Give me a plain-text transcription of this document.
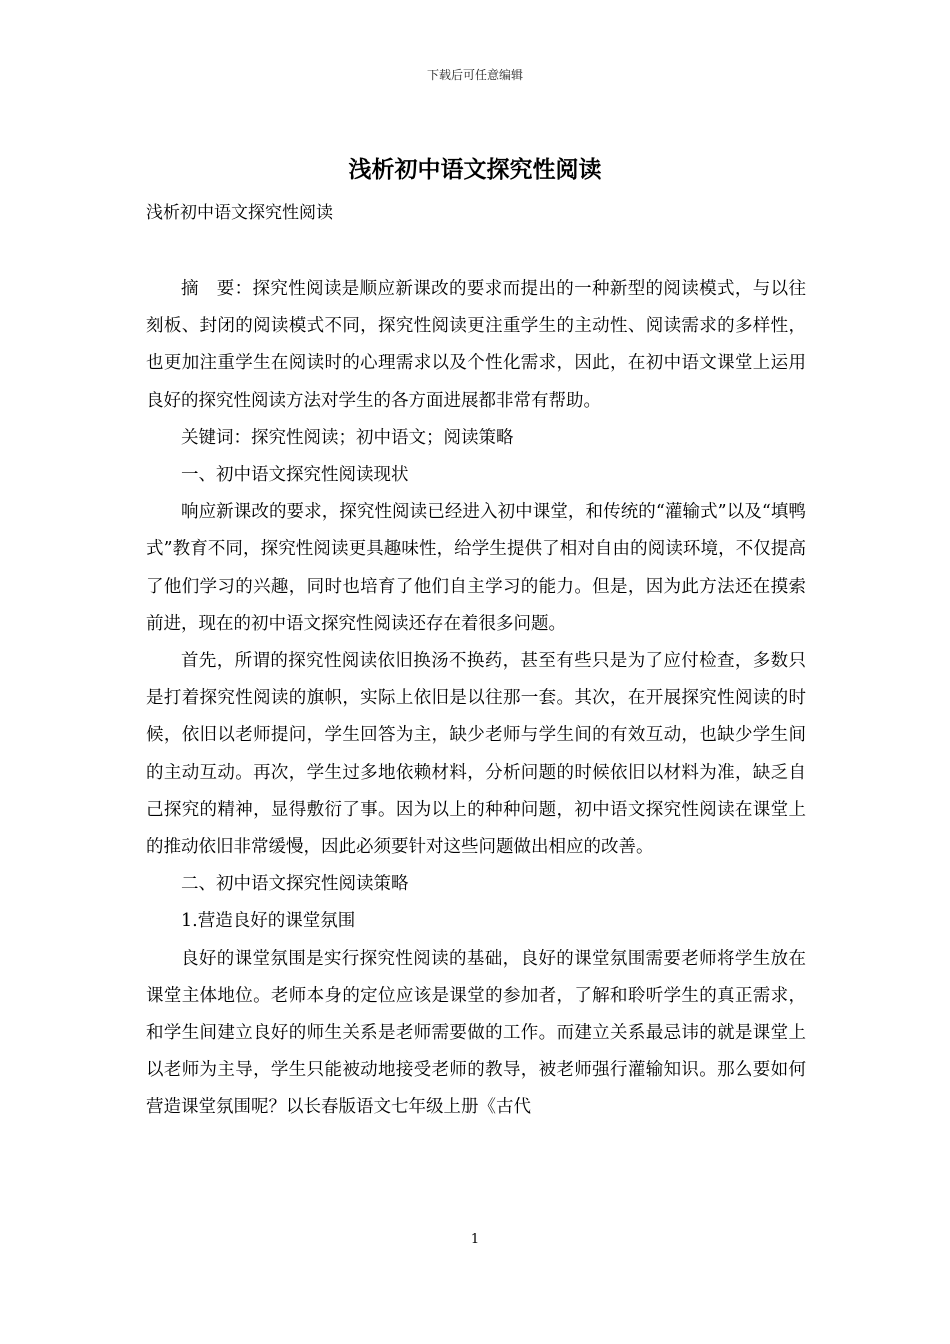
下载后可任意编辑
浅析初中语文探究性阅读
浅析初中语文探究性阅读

摘　要：探究性阅读是顺应新课改的要求而提出的一种新型的阅读模式，与以往刻板、封闭的阅读模式不同，探究性阅读更注重学生的主动性、阅读需求的多样性，也更加注重学生在阅读时的心理需求以及个性化需求，因此，在初中语文课堂上运用良好的探究性阅读方法对学生的各方面进展都非常有帮助。

关键词：探究性阅读；初中语文；阅读策略

一、初中语文探究性阅读现状

响应新课改的要求，探究性阅读已经进入初中课堂，和传统的“灌输式”以及“填鸭式”教育不同，探究性阅读更具趣味性，给学生提供了相对自由的阅读环境，不仅提高了他们学习的兴趣，同时也培育了他们自主学习的能力。但是，因为此方法还在摸索前进，现在的初中语文探究性阅读还存在着很多问题。

首先，所谓的探究性阅读依旧换汤不换药，甚至有些只是为了应付检查，多数只是打着探究性阅读的旗帜，实际上依旧是以往那一套。其次，在开展探究性阅读的时候，依旧以老师提问，学生回答为主，缺少老师与学生间的有效互动，也缺少学生间的主动互动。再次，学生过多地依赖材料，分析问题的时候依旧以材料为准，缺乏自己探究的精神，显得敷衍了事。因为以上的种种问题，初中语文探究性阅读在课堂上的推动依旧非常缓慢，因此必须要针对这些问题做出相应的改善。

二、初中语文探究性阅读策略

1.营造良好的课堂氛围

良好的课堂氛围是实行探究性阅读的基础，良好的课堂氛围需要老师将学生放在课堂主体地位。老师本身的定位应该是课堂的参加者，了解和聆听学生的真正需求，和学生间建立良好的师生关系是老师需要做的工作。而建立关系最忌讳的就是课堂上以老师为主导，学生只能被动地接受老师的教导，被老师强行灌输知识。那么要如何营造课堂氛围呢？以长春版语文七年级上册《古代

1
